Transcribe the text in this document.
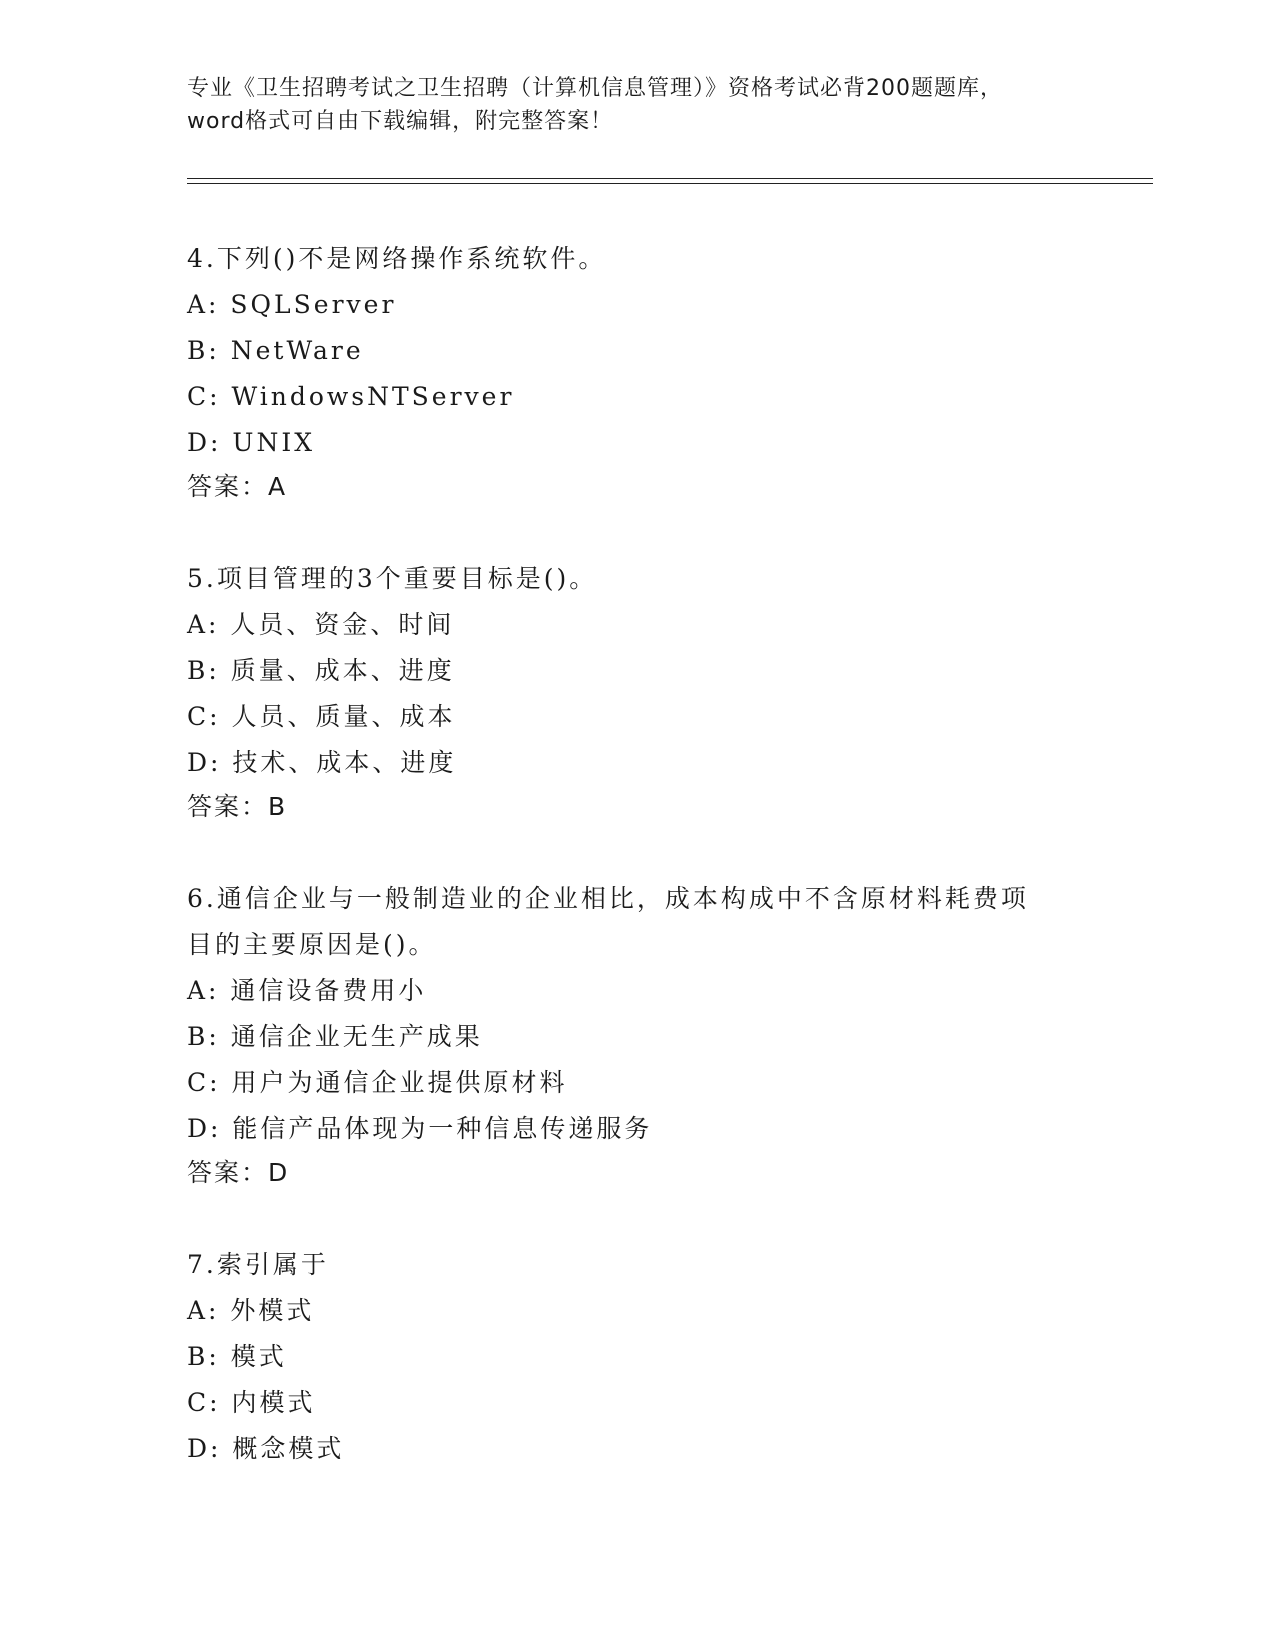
专业《卫生招聘考试之卫生招聘（计算机信息管理）》资格考试必背200题题库，
word格式可自由下载编辑，附完整答案！
4.下列()不是网络操作系统软件。
A: SQLServer
B: NetWare
C: WindowsNTServer
D: UNIX
答案：A
5.项目管理的3个重要目标是()。
A: 人员、资金、时间
B: 质量、成本、进度
C: 人员、质量、成本
D: 技术、成本、进度
答案：B
6.通信企业与一般制造业的企业相比，成本构成中不含原材料耗费项
目的主要原因是()。
A: 通信设备费用小
B: 通信企业无生产成果
C: 用户为通信企业提供原材料
D: 能信产品体现为一种信息传递服务
答案：D
7.索引属于
A: 外模式
B: 模式
C: 内模式
D: 概念模式
